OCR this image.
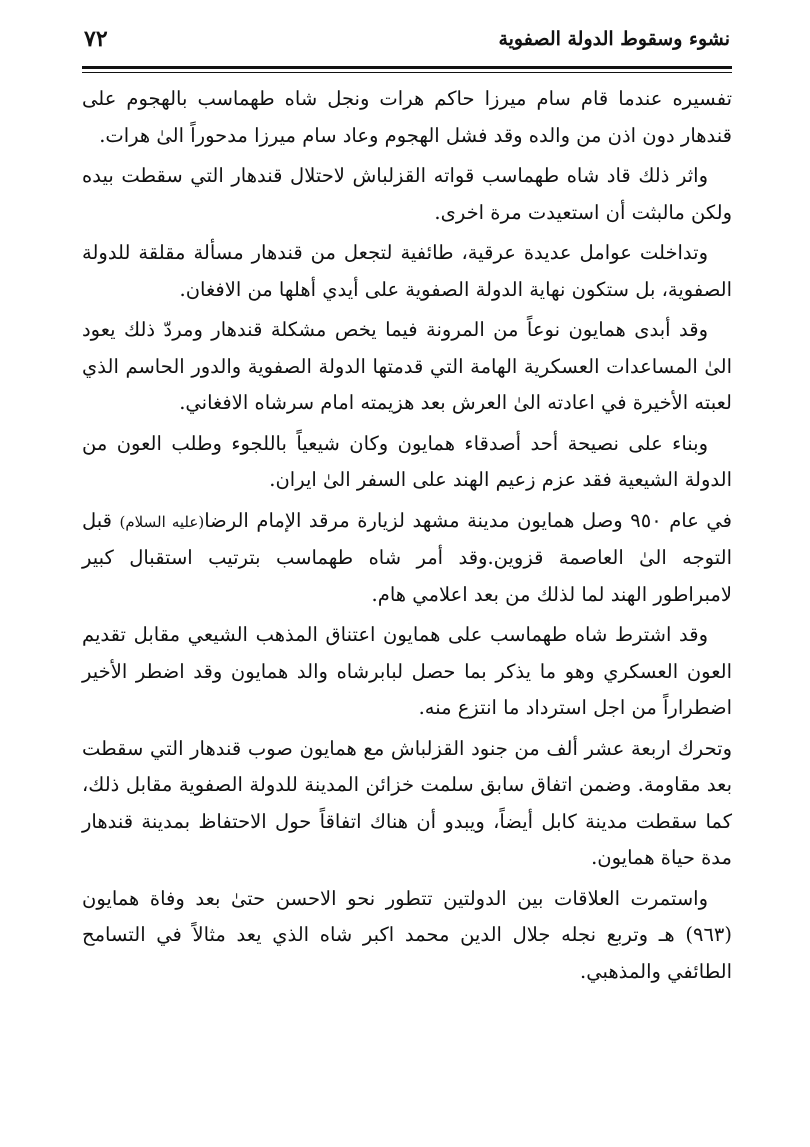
نشوء وسقوط الدولة الصفوية
٧٢

تفسيره عندما قام سام ميرزا حاكم هرات ونجل شاه طهماسب بالهجوم على قندهار دون اذن من والده وقد فشل الهجوم وعاد سام ميرزا مدحوراً الىٰ هرات.

واثر ذلك قاد شاه طهماسب قواته القزلباش لاحتلال قندهار التي سقطت بيده ولكن مالبثت أن استعيدت مرة اخرى.

وتداخلت عوامل عديدة عرقية، طائفية لتجعل من قندهار مسألة مقلقة للدولة الصفوية، بل ستكون نهاية الدولة الصفوية على أيدي أهلها من الافغان.

وقد أبدى همايون نوعاً من المرونة فيما يخص مشكلة قندهار ومردّ ذلك يعود الىٰ المساعدات العسكرية الهامة التي قدمتها الدولة الصفوية والدور الحاسم الذي لعبته الأخيرة في اعادته الىٰ العرش بعد هزيمته امام سرشاه الافغاني.

وبناء على نصيحة أحد أصدقاء همايون وكان شيعياً باللجوء وطلب العون من الدولة الشيعية فقد عزم زعيم الهند على السفر الىٰ ايران.

في عام ٩٥٠ وصل همايون مدينة مشهد لزيارة مرقد الإمام الرضا(عليه السلام) قبل التوجه الىٰ العاصمة قزوين.وقد أمر شاه طهماسب بترتيب استقبال كبير لامبراطور الهند لما لذلك من بعد اعلامي هام.

وقد اشترط شاه طهماسب على همايون اعتناق المذهب الشيعي مقابل تقديم العون العسكري وهو ما يذكر بما حصل لبابرشاه والد همايون وقد اضطر الأخير اضطراراً من اجل استرداد ما انتزع منه.

وتحرك اربعة عشر ألف من جنود القزلباش مع همايون صوب قندهار التي سقطت بعد مقاومة. وضمن اتفاق سابق سلمت خزائن المدينة للدولة الصفوية مقابل ذلك، كما سقطت مدينة كابل أيضاً، ويبدو أن هناك اتفاقاً حول الاحتفاظ بمدينة قندهار مدة حياة همايون.

واستمرت العلاقات بين الدولتين تتطور نحو الاحسن حتىٰ بعد وفاة همايون (٩٦٣) هـ وتربع نجله جلال الدين محمد اكبر شاه الذي يعد مثالاً في التسامح الطائفي والمذهبي.
